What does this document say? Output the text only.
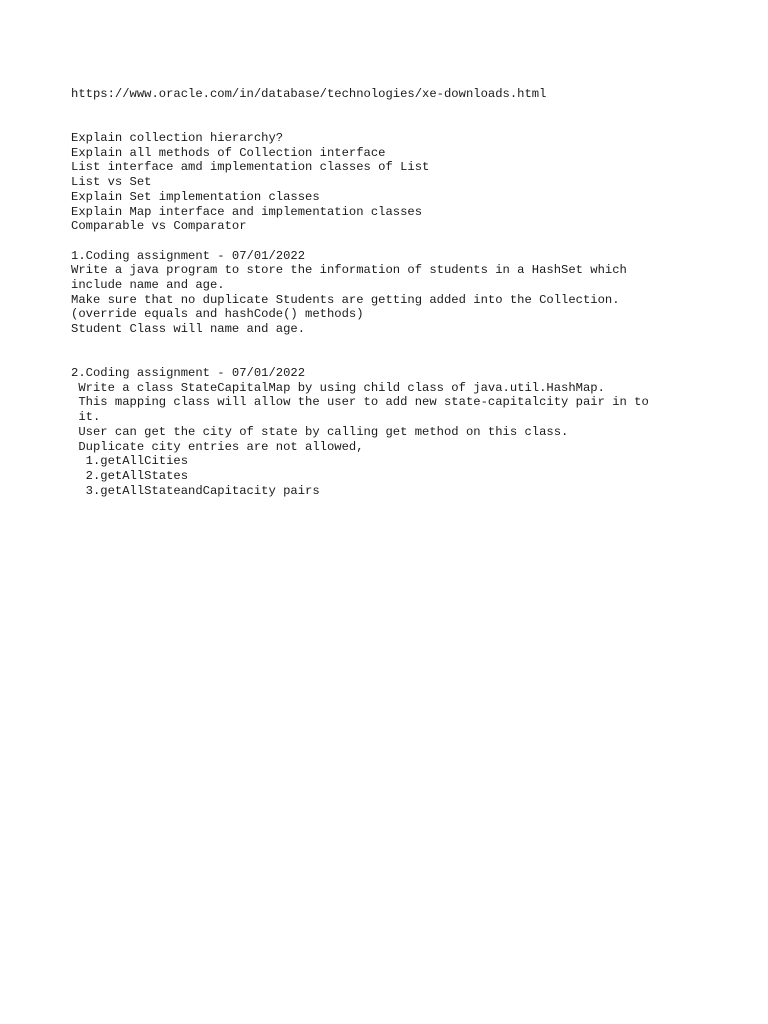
https://www.oracle.com/in/database/technologies/xe-downloads.html
Explain collection hierarchy?
Explain all methods of Collection interface
List interface amd implementation classes of List
List vs Set
Explain Set implementation classes
Explain Map interface and implementation classes
Comparable vs Comparator
1.Coding assignment - 07/01/2022
Write a java program to store the information of students in a HashSet which
include name and age.
Make sure that no duplicate Students are getting added into the Collection.
(override equals and hashCode() methods)
Student Class will name and age.
2.Coding assignment - 07/01/2022
Write a class StateCapitalMap by using child class of java.util.HashMap.
This mapping class will allow the user to add new state-capitalcity pair in to
it.
User can get the city of state by calling get method on this class.
Duplicate city entries are not allowed,
1.getAllCities
2.getAllStates
3.getAllStateandCapitacity pairs
